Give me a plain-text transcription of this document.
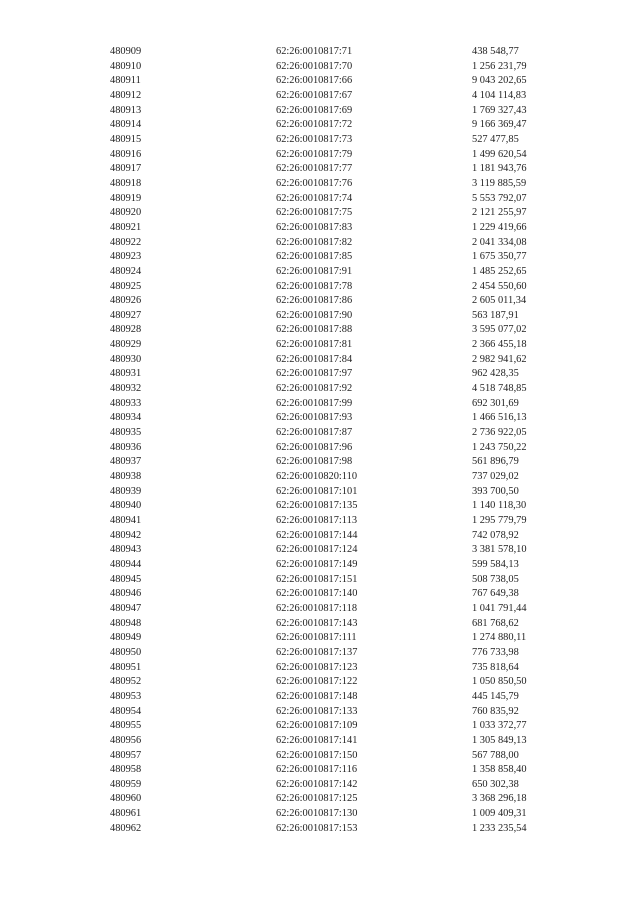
480909	62:26:0010817:71	438 548,77
480910	62:26:0010817:70	1 256 231,79
480911	62:26:0010817:66	9 043 202,65
480912	62:26:0010817:67	4 104 114,83
480913	62:26:0010817:69	1 769 327,43
480914	62:26:0010817:72	9 166 369,47
480915	62:26:0010817:73	527 477,85
480916	62:26:0010817:79	1 499 620,54
480917	62:26:0010817:77	1 181 943,76
480918	62:26:0010817:76	3 119 885,59
480919	62:26:0010817:74	5 553 792,07
480920	62:26:0010817:75	2 121 255,97
480921	62:26:0010817:83	1 229 419,66
480922	62:26:0010817:82	2 041 334,08
480923	62:26:0010817:85	1 675 350,77
480924	62:26:0010817:91	1 485 252,65
480925	62:26:0010817:78	2 454 550,60
480926	62:26:0010817:86	2 605 011,34
480927	62:26:0010817:90	563 187,91
480928	62:26:0010817:88	3 595 077,02
480929	62:26:0010817:81	2 366 455,18
480930	62:26:0010817:84	2 982 941,62
480931	62:26:0010817:97	962 428,35
480932	62:26:0010817:92	4 518 748,85
480933	62:26:0010817:99	692 301,69
480934	62:26:0010817:93	1 466 516,13
480935	62:26:0010817:87	2 736 922,05
480936	62:26:0010817:96	1 243 750,22
480937	62:26:0010817:98	561 896,79
480938	62:26:0010820:110	737 029,02
480939	62:26:0010817:101	393 700,50
480940	62:26:0010817:135	1 140 118,30
480941	62:26:0010817:113	1 295 779,79
480942	62:26:0010817:144	742 078,92
480943	62:26:0010817:124	3 381 578,10
480944	62:26:0010817:149	599 584,13
480945	62:26:0010817:151	508 738,05
480946	62:26:0010817:140	767 649,38
480947	62:26:0010817:118	1 041 791,44
480948	62:26:0010817:143	681 768,62
480949	62:26:0010817:111	1 274 880,11
480950	62:26:0010817:137	776 733,98
480951	62:26:0010817:123	735 818,64
480952	62:26:0010817:122	1 050 850,50
480953	62:26:0010817:148	445 145,79
480954	62:26:0010817:133	760 835,92
480955	62:26:0010817:109	1 033 372,77
480956	62:26:0010817:141	1 305 849,13
480957	62:26:0010817:150	567 788,00
480958	62:26:0010817:116	1 358 858,40
480959	62:26:0010817:142	650 302,38
480960	62:26:0010817:125	3 368 296,18
480961	62:26:0010817:130	1 009 409,31
480962	62:26:0010817:153	1 233 235,54
